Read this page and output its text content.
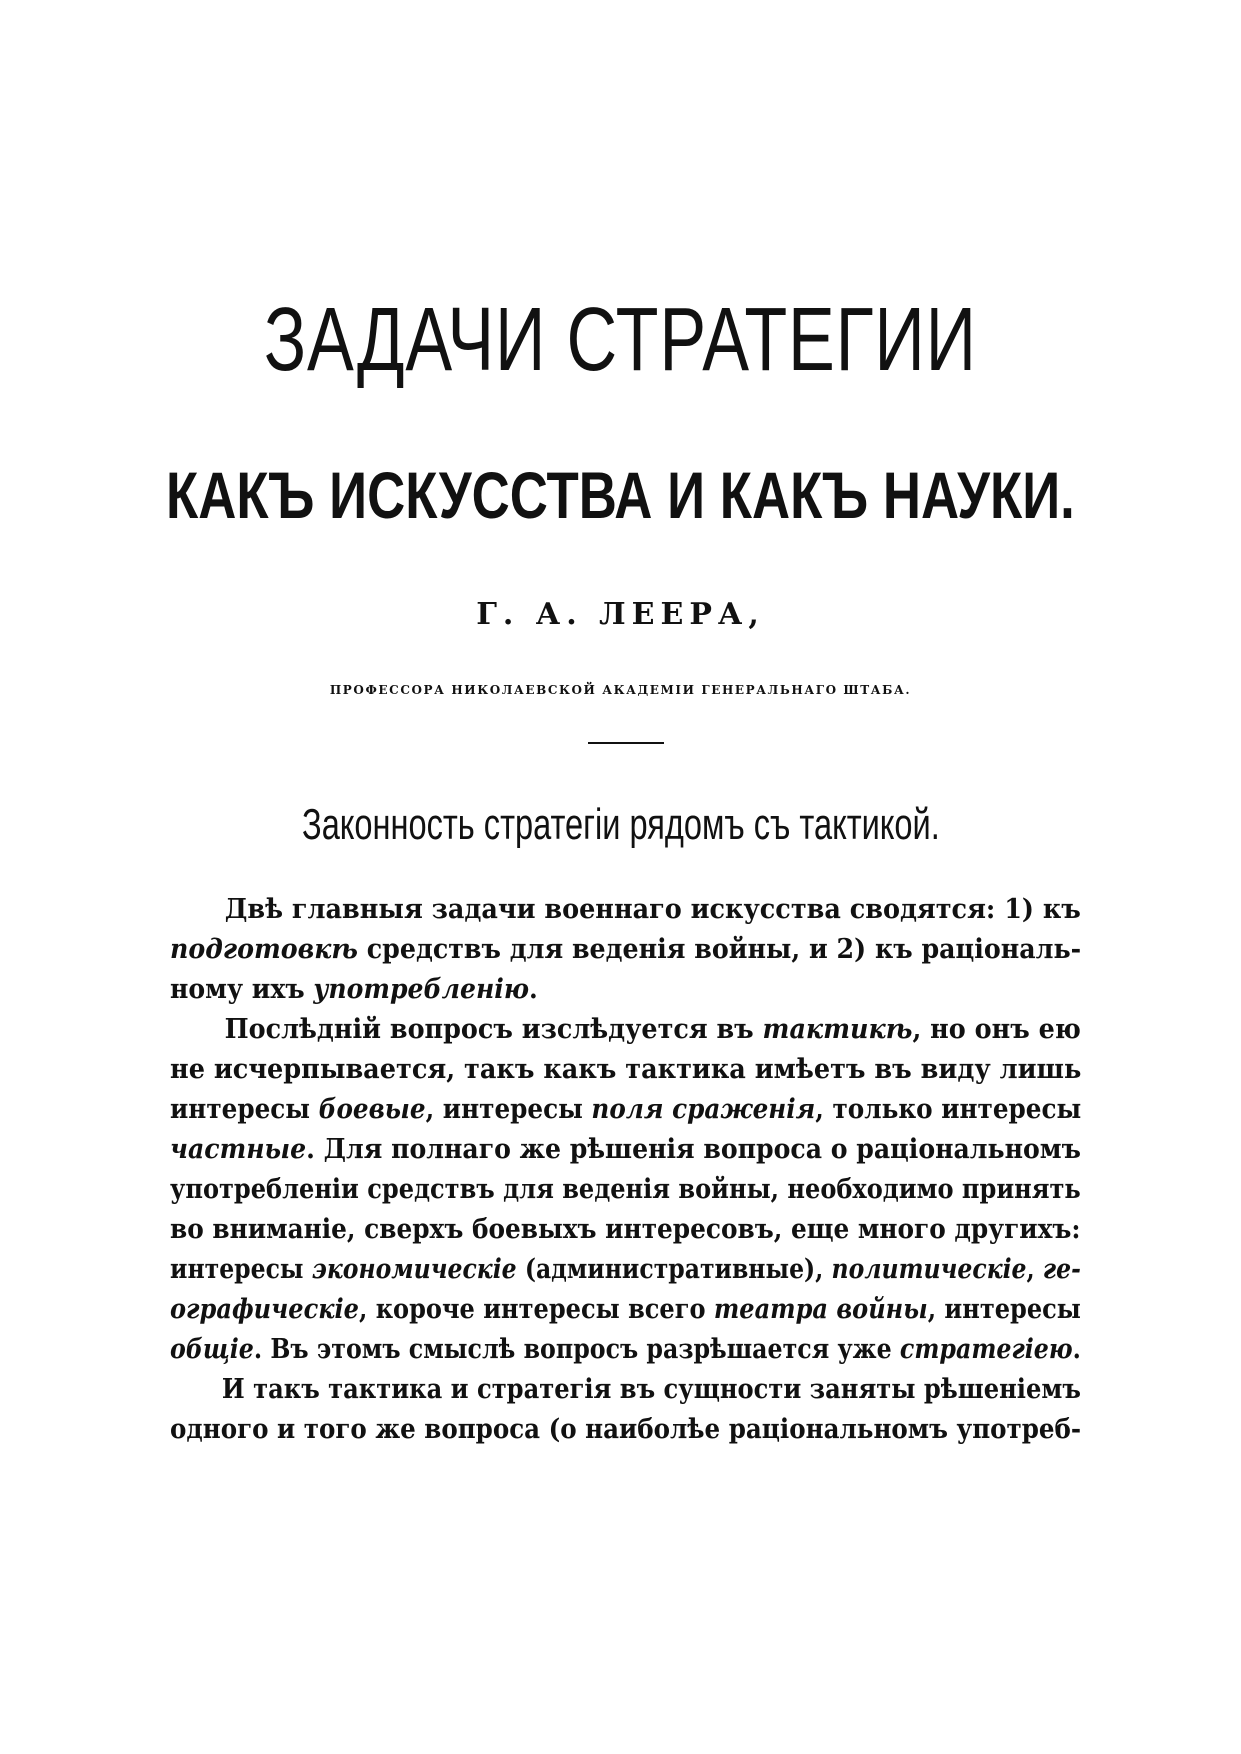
ЗАДАЧИ СТРАТЕГИИ
КАКЪ ИСКУССТВА И КАКЪ НАУКИ.
Г. А. ЛЕЕРА,
ПРОФЕССОРА НИКОЛАЕВСКОЙ АКАДЕМІИ ГЕНЕРАЛЬНАГО ШТАБА.
Законность стратегіи рядомъ съ тактикой.
Двѣ главныя задачи военнаго искусства сводятся: 1) къ
подготовкѣ средствъ для веденія войны, и 2) къ раціональ-
ному ихъ употребленію.
Послѣдній вопросъ изслѣдуется въ тактикѣ, но онъ ею
не исчерпывается, такъ какъ тактика имѣетъ въ виду лишь
интересы боевые, интересы поля сраженія, только интересы
частные. Для полнаго же рѣшенія вопроса о раціональномъ
употребленіи средствъ для веденія войны, необходимо принять
во вниманіе, сверхъ боевыхъ интересовъ, еще много другихъ:
интересы экономическіе (административные), политическіе, ге-
ографическіе, короче интересы всего театра войны, интересы
общіе. Въ этомъ смыслѣ вопросъ разрѣшается уже стратегіею.
И такъ тактика и стратегія въ сущности заняты рѣшеніемъ
одного и того же вопроса (о наиболѣе раціональномъ употреб-
